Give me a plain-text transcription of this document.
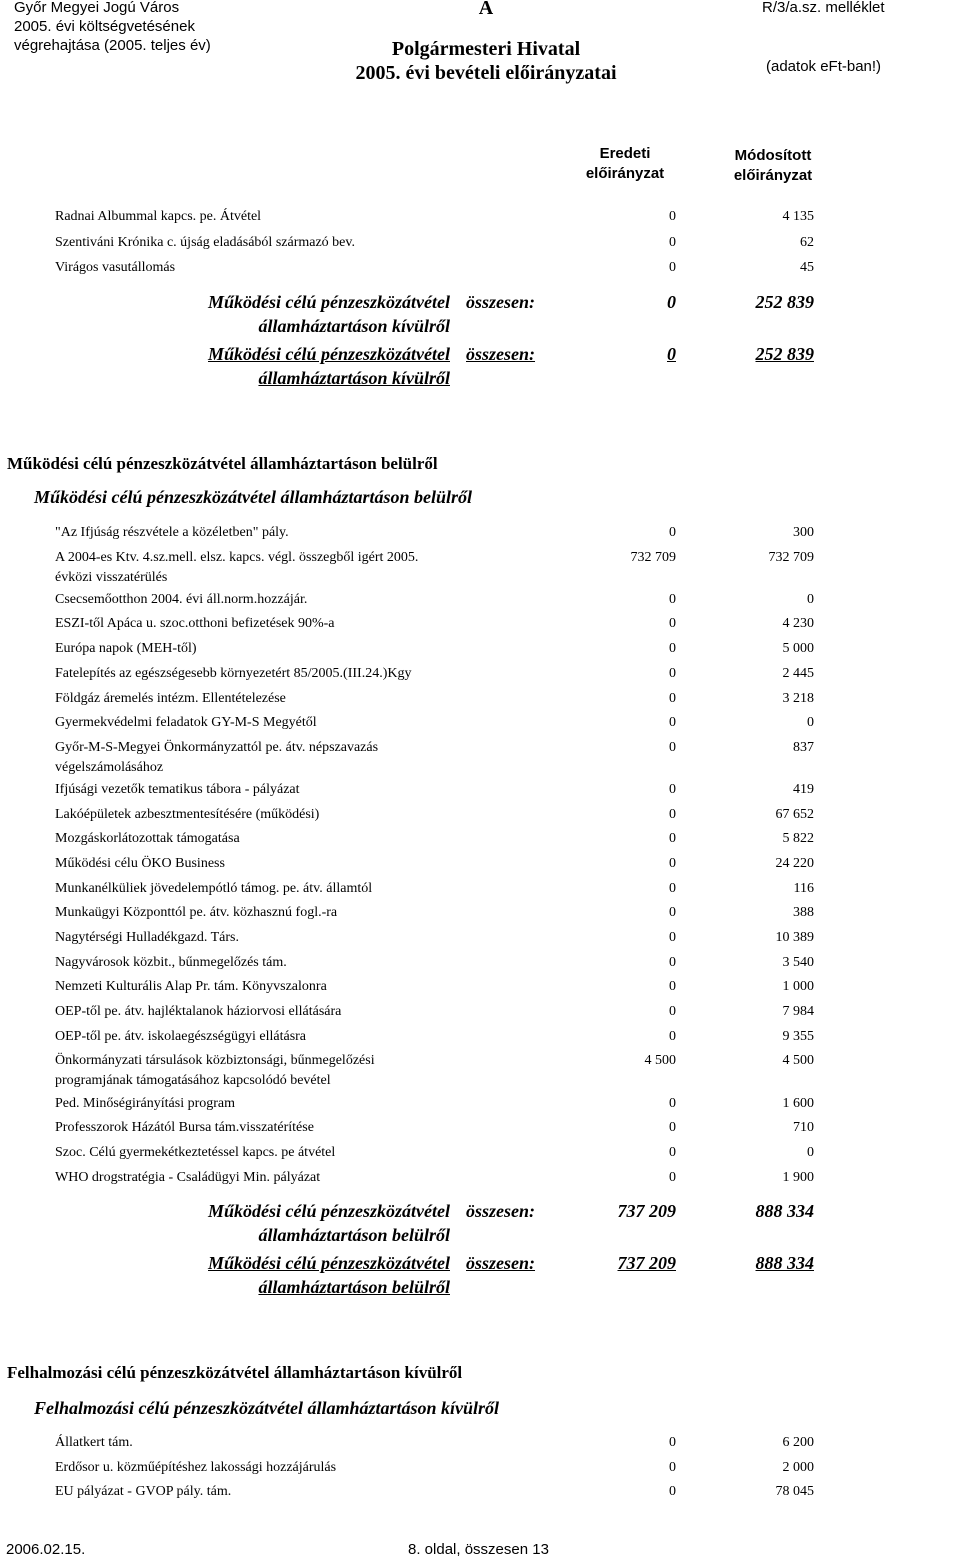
Győr Megyei Jogú Város
2005. évi költségvetésének
végrehajtása (2005. teljes év)
A
Polgármesteri Hivatal
2005. évi bevételi előirányzatai
R/3/a.sz. melléklet
(adatok eFt-ban!)
Eredeti
előirányzat
Módosított
előirányzat
Radnai Albummal kapcs. pe. Átvétel	0	4 135
Szentiváni Krónika c. újság eladásából származó bev.	0	62
Virágos vasutállomás	0	45
Működési célú pénzeszközátvétel
államháztartáson kívülről
összesen:	0	252 839
Működési célú pénzeszközátvétel
államháztartáson kívülről
összesen:	0	252 839
Működési célú pénzeszközátvétel államháztartáson belülről
Működési célú pénzeszközátvétel államháztartáson belülről
"Az Ifjúság részvétele a közéletben" pály.	0	300
A 2004-es Ktv. 4.sz.mell. elsz. kapcs. végl. összegből igért 2005.
évközi visszatérülés
732 709	732 709
Csecsemőotthon 2004. évi áll.norm.hozzájár.	0	0
ESZI-től Apáca u. szoc.otthoni befizetések 90%-a	0	4 230
Európa napok (MEH-től)	0	5 000
Fatelepítés az egészségesebb környezetért 85/2005.(III.24.)Kgy	0	2 445
Földgáz áremelés intézm. Ellentételezése	0	3 218
Gyermekvédelmi feladatok GY-M-S Megyétől	0	0
Győr-M-S-Megyei Önkormányzattól pe. átv. népszavazás
végelszámolásához
0	837
Ifjúsági vezetők tematikus tábora - pályázat	0	419
Lakóépületek azbesztmentesítésére (működési)	0	67 652
Mozgáskorlátozottak támogatása	0	5 822
Működési célu ÖKO Business	0	24 220
Munkanélküliek jövedelempótló támog. pe. átv. államtól	0	116
Munkaügyi Központtól pe. átv. közhasznú fogl.-ra	0	388
Nagytérségi Hulladékgazd. Társ.	0	10 389
Nagyvárosok közbit., bűnmegelőzés tám.	0	3 540
Nemzeti Kulturális Alap Pr. tám. Könyvszalonra	0	1 000
OEP-től pe. átv. hajléktalanok háziorvosi ellátására	0	7 984
OEP-től pe. átv. iskolaegészségügyi ellátásra	0	9 355
Önkormányzati társulások közbiztonsági, bűnmegelőzési
programjának támogatásához kapcsolódó bevétel
4 500	4 500
Ped. Minőségirányítási program	0	1 600
Professzorok Házától Bursa tám.visszatérítése	0	710
Szoc. Célú gyermekétkeztetéssel kapcs. pe átvétel	0	0
WHO drogstratégia - Családügyi Min. pályázat	0	1 900
Működési célú pénzeszközátvétel
államháztartáson belülről
összesen:	737 209	888 334
Működési célú pénzeszközátvétel
államháztartáson belülről
összesen:	737 209	888 334
Felhalmozási célú pénzeszközátvétel államháztartáson kívülről
Felhalmozási célú pénzeszközátvétel államháztartáson kívülről
Állatkert tám.	0	6 200
Erdősor u. közműépítéshez lakossági hozzájárulás	0	2 000
EU pályázat - GVOP pály. tám.	0	78 045
2006.02.15.	8. oldal, összesen 13
